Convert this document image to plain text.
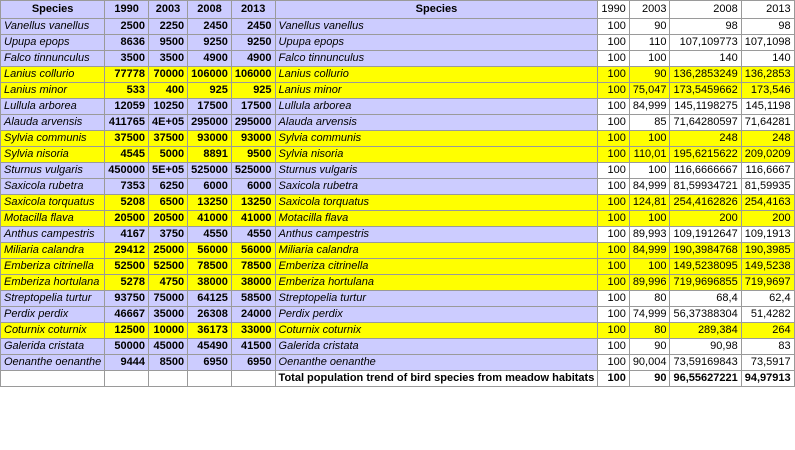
Species	1990	2003	2008	2013	Species	1990	2003	2008	2013
Vanellus vanellus	2500	2250	2450	2450	Vanellus vanellus	100	90	98	98
Upupa epops	8636	9500	9250	9250	Upupa epops	100	110	107,109773	107,1098
Falco tinnunculus	3500	3500	4900	4900	Falco tinnunculus	100	100	140	140
Lanius collurio	77778	70000	106000	106000	Lanius collurio	100	90	136,2853249	136,2853
Lanius minor	533	400	925	925	Lanius minor	100	75,047	173,5459662	173,546
Lullula arborea	12059	10250	17500	17500	Lullula arborea	100	84,999	145,1198275	145,1198
Alauda arvensis	411765	4E+05	295000	295000	Alauda arvensis	100	85	71,64280597	71,64281
Sylvia communis	37500	37500	93000	93000	Sylvia communis	100	100	248	248
Sylvia nisoria	4545	5000	8891	9500	Sylvia nisoria	100	110,01	195,6215622	209,0209
Sturnus vulgaris	450000	5E+05	525000	525000	Sturnus vulgaris	100	100	116,6666667	116,6667
Saxicola rubetra	7353	6250	6000	6000	Saxicola rubetra	100	84,999	81,59934721	81,59935
Saxicola torquatus	5208	6500	13250	13250	Saxicola torquatus	100	124,81	254,4162826	254,4163
Motacilla flava	20500	20500	41000	41000	Motacilla flava	100	100	200	200
Anthus campestris	4167	3750	4550	4550	Anthus campestris	100	89,993	109,1912647	109,1913
Miliaria calandra	29412	25000	56000	56000	Miliaria calandra	100	84,999	190,3984768	190,3985
Emberiza citrinella	52500	52500	78500	78500	Emberiza citrinella	100	100	149,5238095	149,5238
Emberiza hortulana	5278	4750	38000	38000	Emberiza hortulana	100	89,996	719,9696855	719,9697
Streptopelia turtur	93750	75000	64125	58500	Streptopelia turtur	100	80	68,4	62,4
Perdix perdix	46667	35000	26308	24000	Perdix perdix	100	74,999	56,37388304	51,4282
Coturnix coturnix	12500	10000	36173	33000	Coturnix coturnix	100	80	289,384	264
Galerida cristata	50000	45000	45490	41500	Galerida cristata	100	90	90,98	83
Oenanthe oenanthe	9444	8500	6950	6950	Oenanthe oenanthe	100	90,004	73,59169843	73,5917
					Total population trend of bird species from meadow habitats	100	90	96,55627221	94,97913
